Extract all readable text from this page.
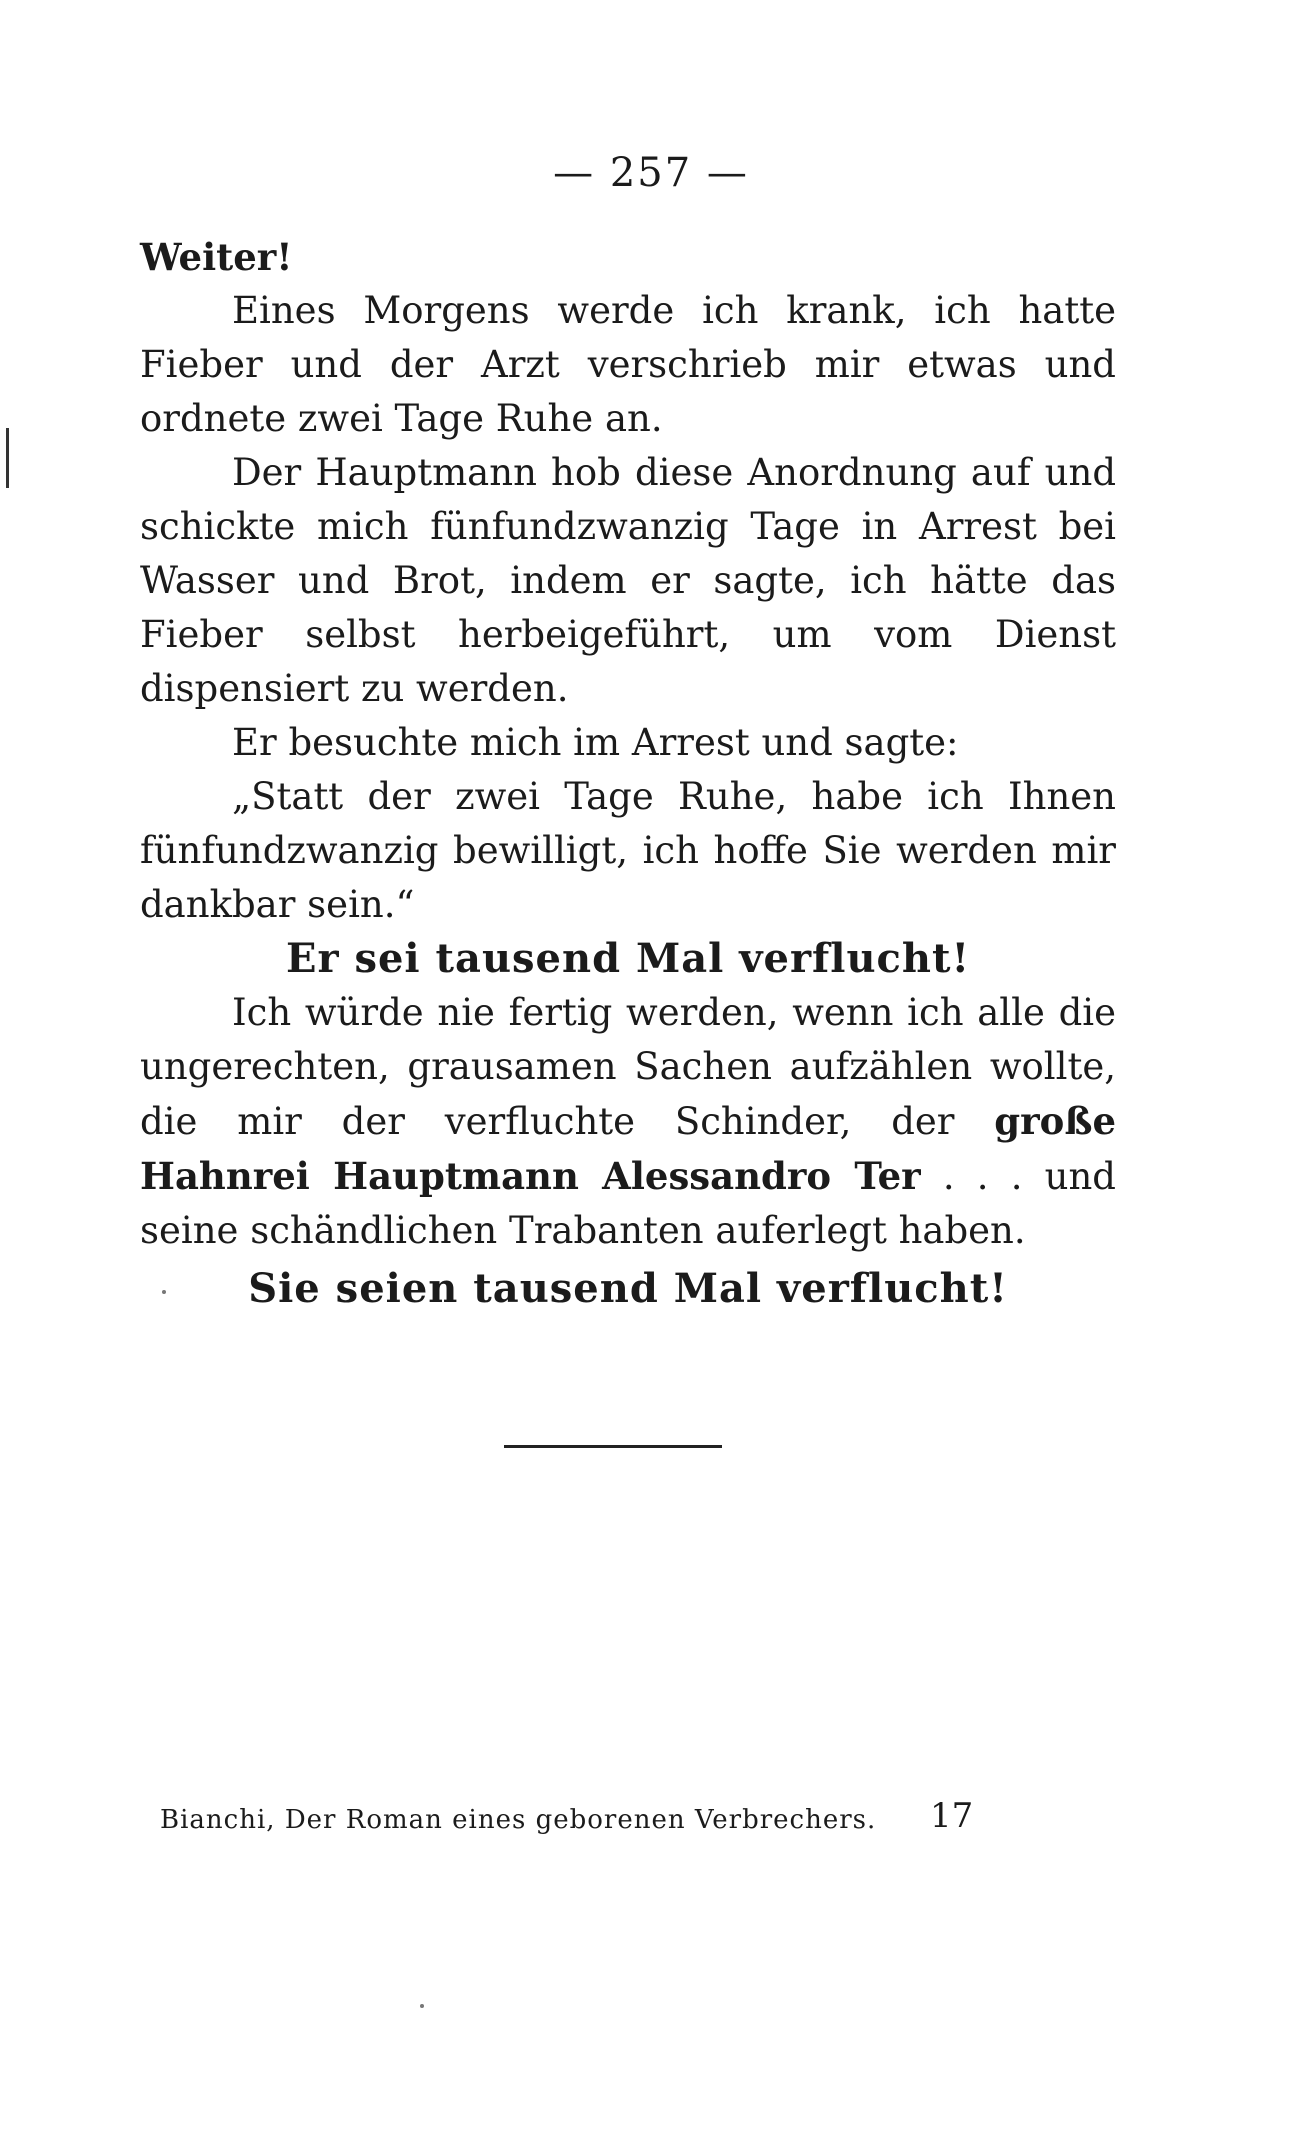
— 257 —

Weiter!

Eines Morgens werde ich krank, ich hatte Fieber und der Arzt verschrieb mir etwas und ordnete zwei Tage Ruhe an.

Der Hauptmann hob diese Anordnung auf und schickte mich fünfundzwanzig Tage in Arrest bei Wasser und Brot, indem er sagte, ich hätte das Fieber selbst herbeigeführt, um vom Dienst dispensiert zu werden.

Er besuchte mich im Arrest und sagte:

„Statt der zwei Tage Ruhe, habe ich Ihnen fünfundzwanzig bewilligt, ich hoffe Sie werden mir dankbar sein.“

Er sei tausend Mal verflucht!

Ich würde nie fertig werden, wenn ich alle die ungerechten, grausamen Sachen aufzählen wollte, die mir der verfluchte Schinder, der große Hahnrei Hauptmann Alessandro Ter . . . und seine schändlichen Trabanten auferlegt haben.

Sie seien tausend Mal verflucht!

Bianchi, Der Roman eines geborenen Verbrechers. 17
